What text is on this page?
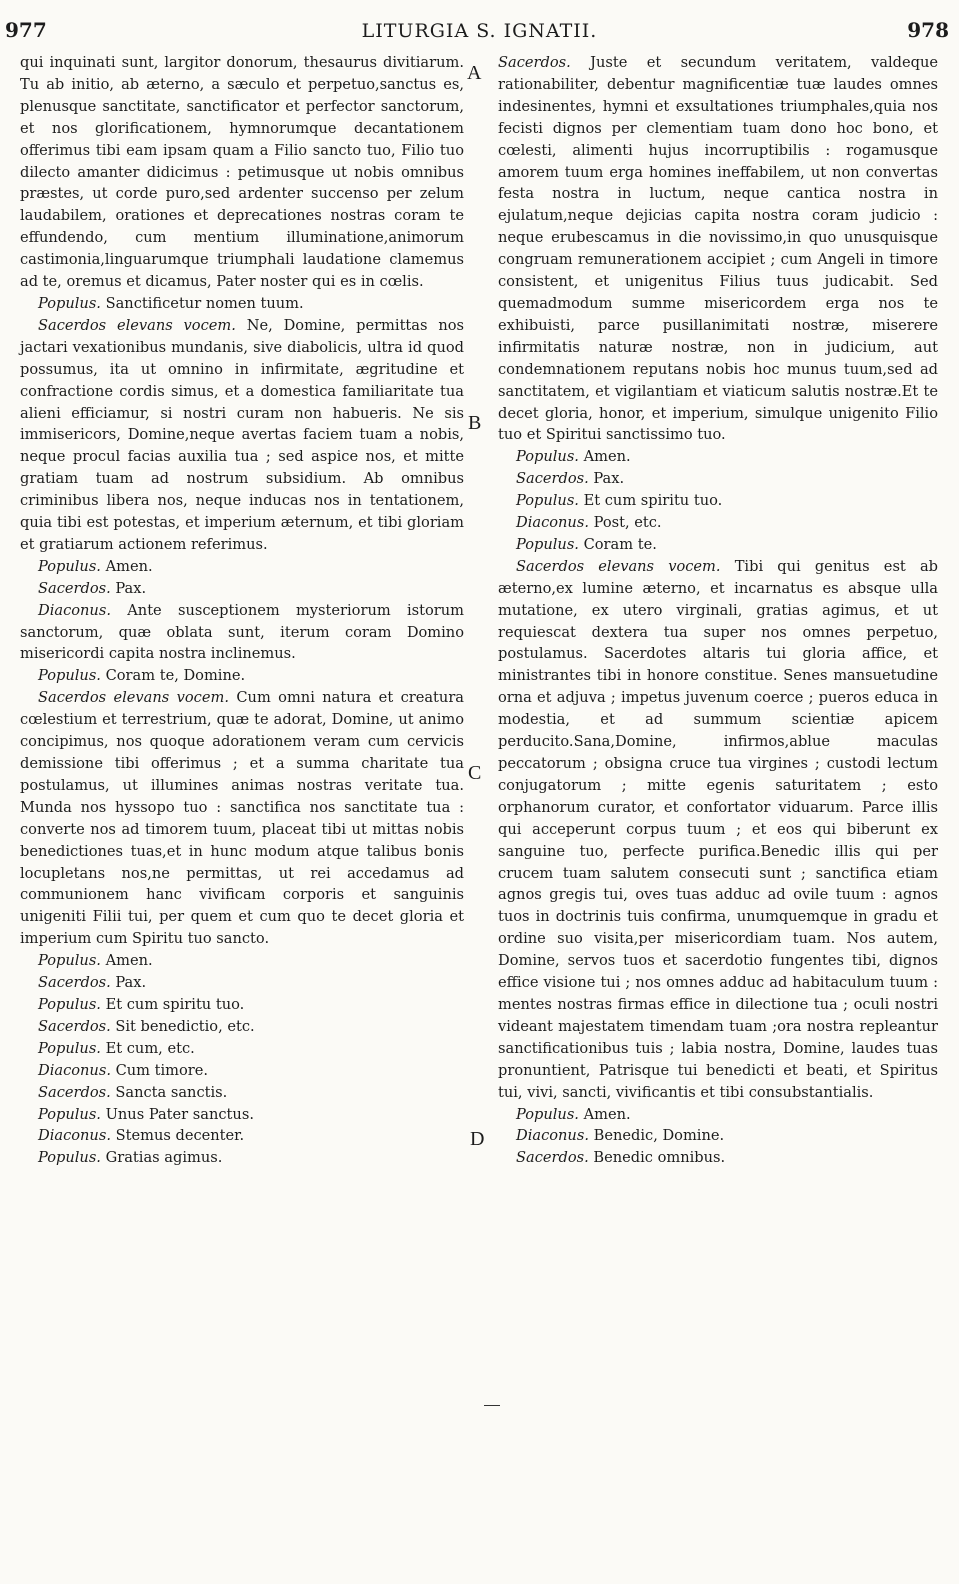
977	LITURGIA S. IGNATII.	978

qui inquinati sunt, largitor donorum, thesaurus divitiarum. Tu ab initio, ab æterno, a sæculo et perpetuo,sanctus es, plenusque sanctitate, sanctificator et perfector sanctorum, et nos glorificationem, hymnorumque decantationem offerimus tibi eam ipsam quam a Filio sancto tuo, Filio tuo dilecto amanter didicimus : petimusque ut nobis omnibus præstes, ut corde puro,sed ardenter succenso per zelum laudabilem, orationes et deprecationes nostras coram te effundendo, cum mentium illuminatione,animorum castimonia,linguarumque triumphali laudatione clamemus ad te, oremus et dicamus, Pater noster qui es in cœlis.

Populus. Sanctificetur nomen tuum.

Sacerdos elevans vocem. Ne, Domine, permittas nos jactari vexationibus mundanis, sive diabolicis, ultra id quod possumus, ita ut omnino in infirmitate, ægritudine et confractione cordis simus, et a domestica familiaritate tua alieni efficiamur, si nostri curam non habueris. Ne sis immisericors, Domine,neque avertas faciem tuam a nobis, neque procul facias auxilia tua ; sed aspice nos, et mitte gratiam tuam ad nostrum subsidium. Ab omnibus criminibus libera nos, neque inducas nos in tentationem, quia tibi est potestas, et imperium æternum, et tibi gloriam et gratiarum actionem referimus.

Populus. Amen.

Sacerdos. Pax.

Diaconus. Ante susceptionem mysteriorum istorum sanctorum, quæ oblata sunt, iterum coram Domino misericordi capita nostra inclinemus.

Populus. Coram te, Domine.

Sacerdos elevans vocem. Cum omni natura et creatura cœlestium et terrestrium, quæ te adorat, Domine, ut animo concipimus, nos quoque adorationem veram cum cervicis demissione tibi offerimus ; et a summa charitate tua postulamus, ut illumines animas nostras veritate tua. Munda nos hyssopo tuo : sanctifica nos sanctitate tua : converte nos ad timorem tuum, placeat tibi ut mittas nobis benedictiones tuas,et in hunc modum atque talibus bonis locupletans nos,ne permittas, ut rei accedamus ad communionem hanc vivificam corporis et sanguinis unigeniti Filii tui, per quem et cum quo te decet gloria et imperium cum Spiritu tuo sancto.

Populus. Amen.

Sacerdos. Pax.

Populus. Et cum spiritu tuo.

Sacerdos. Sit benedictio, etc.

Populus. Et cum, etc.

Diaconus. Cum timore.

Sacerdos. Sancta sanctis.

Populus. Unus Pater sanctus.

Diaconus. Stemus decenter.

Populus. Gratias agimus.

Sacerdos. Juste et secundum veritatem, valdeque rationabiliter, debentur magnificentiæ tuæ laudes omnes indesinentes, hymni et exsultationes triumphales,quia nos fecisti dignos per clementiam tuam dono hoc bono, et cœlesti, alimenti hujus incorruptibilis : rogamusque amorem tuum erga homines ineffabilem, ut non convertas festa nostra in luctum, neque cantica nostra in ejulatum,neque dejicias capita nostra coram judicio : neque erubescamus in die novissimo,in quo unusquisque congruam remunerationem accipiet ; cum Angeli in timore consistent, et unigenitus Filius tuus judicabit. Sed quemadmodum summe misericordem erga nos te exhibuisti, parce pusillanimitati nostræ, miserere infirmitatis naturæ nostræ, non in judicium, aut condemnationem reputans nobis hoc munus tuum,sed ad sanctitatem, et vigilantiam et viaticum salutis nostræ.Et te decet gloria, honor, et imperium, simulque unigenito Filio tuo et Spiritui sanctissimo tuo.

Populus. Amen.

Sacerdos. Pax.

Populus. Et cum spiritu tuo.

Diaconus. Post, etc.

Populus. Coram te.

Sacerdos elevans vocem. Tibi qui genitus est ab æterno,ex lumine æterno, et incarnatus es absque ulla mutatione, ex utero virginali, gratias agimus, et ut requiescat dextera tua super nos omnes perpetuo, postulamus. Sacerdotes altaris tui gloria affice, et ministrantes tibi in honore constitue. Senes mansuetudine orna et adjuva ; impetus juvenum coerce ; pueros educa in modestia, et ad summum scientiæ apicem perducito.Sana,Domine, infirmos,ablue maculas peccatorum ; obsigna cruce tua virgines ; custodi lectum conjugatorum ; mitte egenis saturitatem ; esto orphanorum curator, et confortator viduarum. Parce illis qui acceperunt corpus tuum ; et eos qui biberunt ex sanguine tuo, perfecte purifica.Benedic illis qui per crucem tuam salutem consecuti sunt ; sanctifica etiam agnos gregis tui, oves tuas adduc ad ovile tuum : agnos tuos in doctrinis tuis confirma, unumquemque in gradu et ordine suo visita,per misericordiam tuam. Nos autem, Domine, servos tuos et sacerdotio fungentes tibi, dignos effice visione tui ; nos omnes adduc ad habitaculum tuum : mentes nostras firmas effice in dilectione tua ; oculi nostri videant majestatem timendam tuam ;ora nostra repleantur sanctificationibus tuis ; labia nostra, Domine, laudes tuas pronuntient, Patrisque tui benedicti et beati, et Spiritus tui, vivi, sancti, vivificantis et tibi consubstantialis.

Populus. Amen.

Diaconus. Benedic, Domine.

Sacerdos. Benedic omnibus.

A
B
C
D
